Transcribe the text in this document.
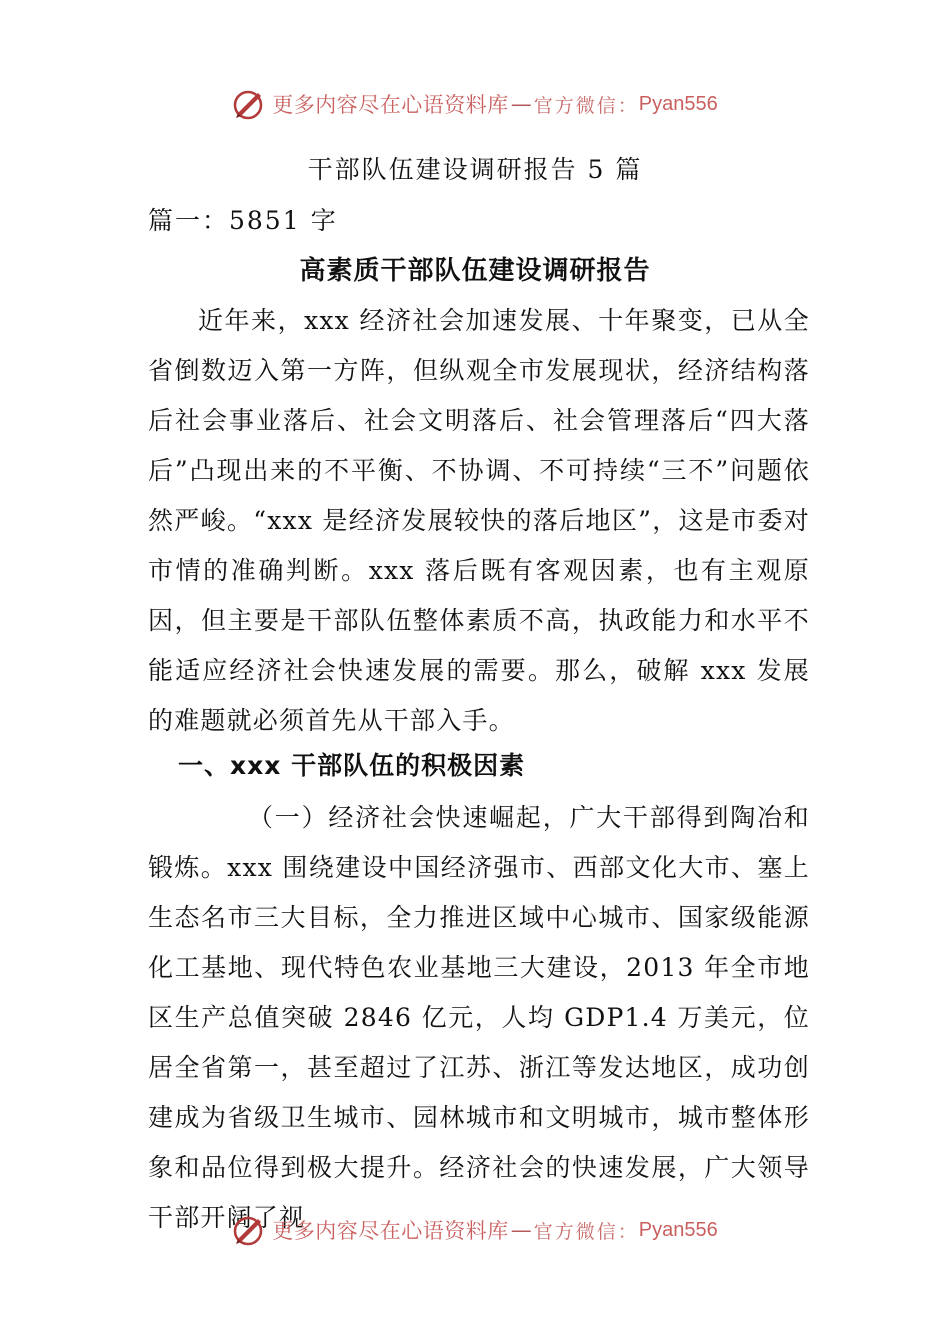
更多内容尽在心语资料库 — 官方微信： Pyan556
干部队伍建设调研报告 5 篇
篇一：5851 字
高素质干部队伍建设调研报告

近年来，xxx 经济社会加速发展、十年聚变，已从全省倒数迈入第一方阵，但纵观全市发展现状，经济结构落后社会事业落后、社会文明落后、社会管理落后“四大落后”凸现出来的不平衡、不协调、不可持续“三不”问题依然严峻。“xxx 是经济发展较快的落后地区”，这是市委对市情的准确判断。xxx 落后既有客观因素，也有主观原因，但主要是干部队伍整体素质不高，执政能力和水平不能适应经济社会快速发展的需要。那么，破解 xxx 发展的难题就必须首先从干部入手。

一、xxx 干部队伍的积极因素

（一）经济社会快速崛起，广大干部得到陶冶和锻炼。xxx 围绕建设中国经济强市、西部文化大市、塞上生态名市三大目标，全力推进区域中心城市、国家级能源化工基地、现代特色农业基地三大建设，2013 年全市地区生产总值突破 2846 亿元，人均 GDP1.4 万美元，位居全省第一，甚至超过了江苏、浙江等发达地区，成功创建成为省级卫生城市、园林城市和文明城市，城市整体形象和品位得到极大提升。经济社会的快速发展，广大领导干部开阔了视

更多内容尽在心语资料库 — 官方微信： Pyan556
